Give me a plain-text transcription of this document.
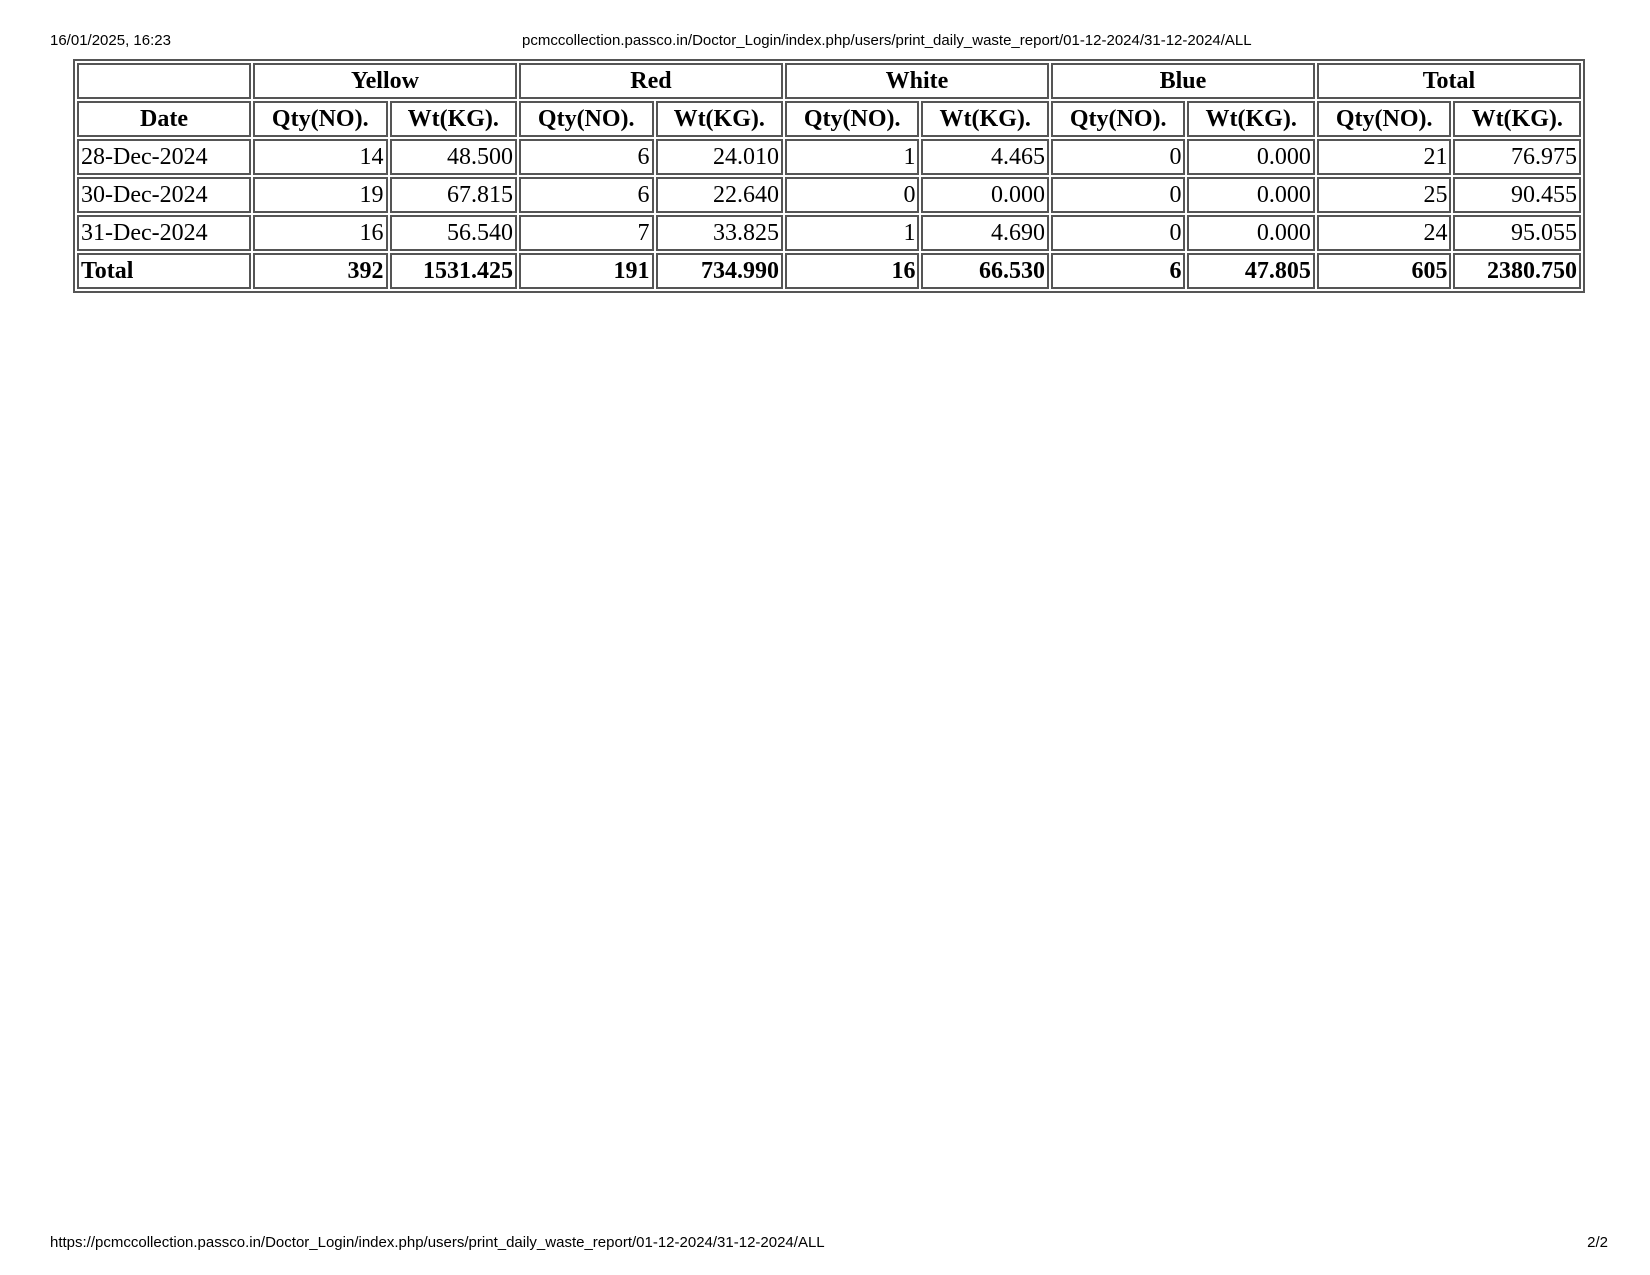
16/01/2025, 16:23	pcmccollection.passco.in/Doctor_Login/index.php/users/print_daily_waste_report/01-12-2024/31-12-2024/ALL
	Yellow		Red		White		Blue		Total	
Date	Qty(NO).	Wt(KG).	Qty(NO).	Wt(KG).	Qty(NO).	Wt(KG).	Qty(NO).	Wt(KG).	Qty(NO).	Wt(KG).
28-Dec-2024	14	48.500	6	24.010	1	4.465	0	0.000	21	76.975
30-Dec-2024	19	67.815	6	22.640	0	0.000	0	0.000	25	90.455
31-Dec-2024	16	56.540	7	33.825	1	4.690	0	0.000	24	95.055
Total	392	1531.425	191	734.990	16	66.530	6	47.805	605	2380.750
https://pcmccollection.passco.in/Doctor_Login/index.php/users/print_daily_waste_report/01-12-2024/31-12-2024/ALL	2/2
